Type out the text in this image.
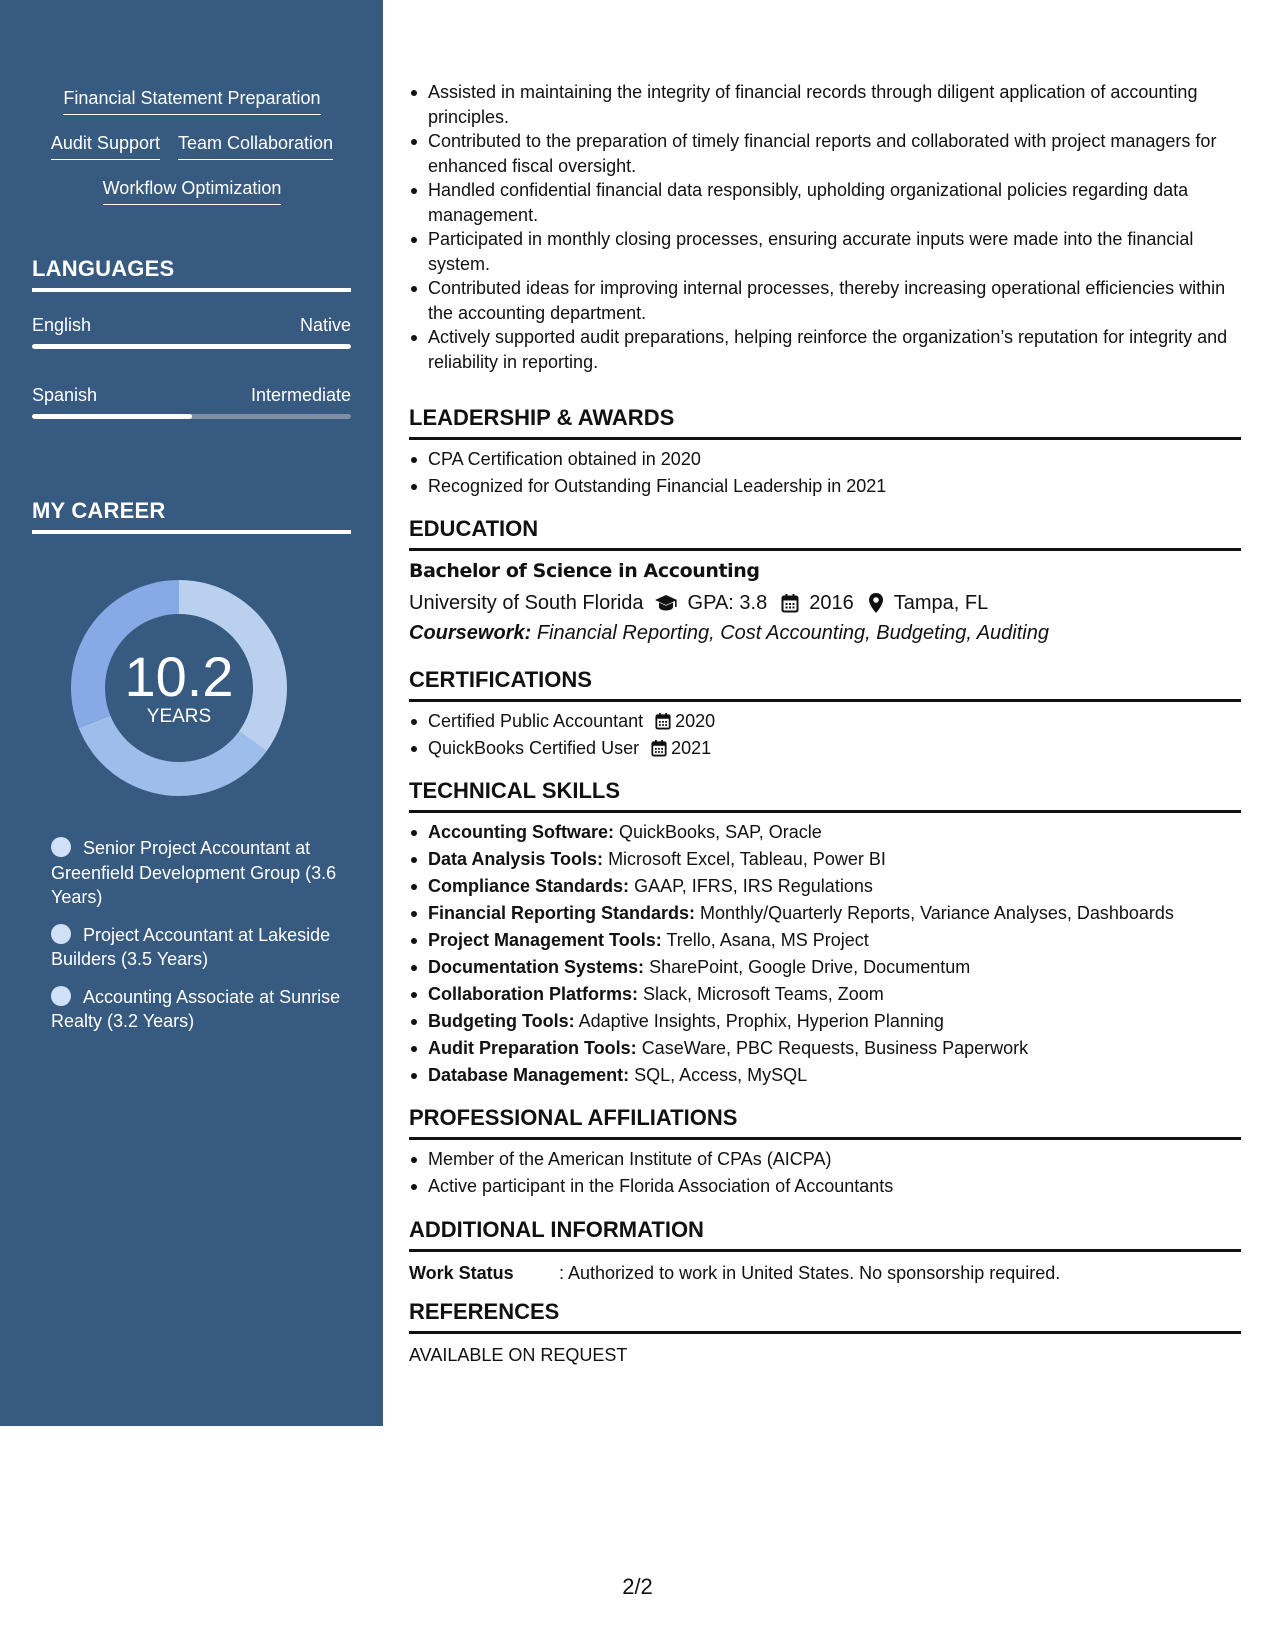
Financial Statement Preparation
Audit Support Team Collaboration
Workflow Optimization
LANGUAGES
English	Native
Spanish	Intermediate
MY CAREER
10.2
YEARS
Senior Project Accountant at Greenfield Development Group (3.6 Years)
Project Accountant at Lakeside Builders (3.5 Years)
Accounting Associate at Sunrise Realty (3.2 Years)
Assisted in maintaining the integrity of financial records through diligent application of accounting principles.
Contributed to the preparation of timely financial reports and collaborated with project managers for enhanced fiscal oversight.
Handled confidential financial data responsibly, upholding organizational policies regarding data management.
Participated in monthly closing processes, ensuring accurate inputs were made into the financial system.
Contributed ideas for improving internal processes, thereby increasing operational efficiencies within the accounting department.
Actively supported audit preparations, helping reinforce the organization’s reputation for integrity and reliability in reporting.
LEADERSHIP & AWARDS
CPA Certification obtained in 2020
Recognized for Outstanding Financial Leadership in 2021
EDUCATION
Bachelor of Science in Accounting
University of South Florida GPA: 3.8 2016 Tampa, FL
Coursework: Financial Reporting, Cost Accounting, Budgeting, Auditing
CERTIFICATIONS
Certified Public Accountant 2020
QuickBooks Certified User 2021
TECHNICAL SKILLS
Accounting Software: QuickBooks, SAP, Oracle
Data Analysis Tools: Microsoft Excel, Tableau, Power BI
Compliance Standards: GAAP, IFRS, IRS Regulations
Financial Reporting Standards: Monthly/Quarterly Reports, Variance Analyses, Dashboards
Project Management Tools: Trello, Asana, MS Project
Documentation Systems: SharePoint, Google Drive, Documentum
Collaboration Platforms: Slack, Microsoft Teams, Zoom
Budgeting Tools: Adaptive Insights, Prophix, Hyperion Planning
Audit Preparation Tools: CaseWare, PBC Requests, Business Paperwork
Database Management: SQL, Access, MySQL
PROFESSIONAL AFFILIATIONS
Member of the American Institute of CPAs (AICPA)
Active participant in the Florida Association of Accountants
ADDITIONAL INFORMATION
Work Status	: Authorized to work in United States. No sponsorship required.
REFERENCES
AVAILABLE ON REQUEST
2/2
